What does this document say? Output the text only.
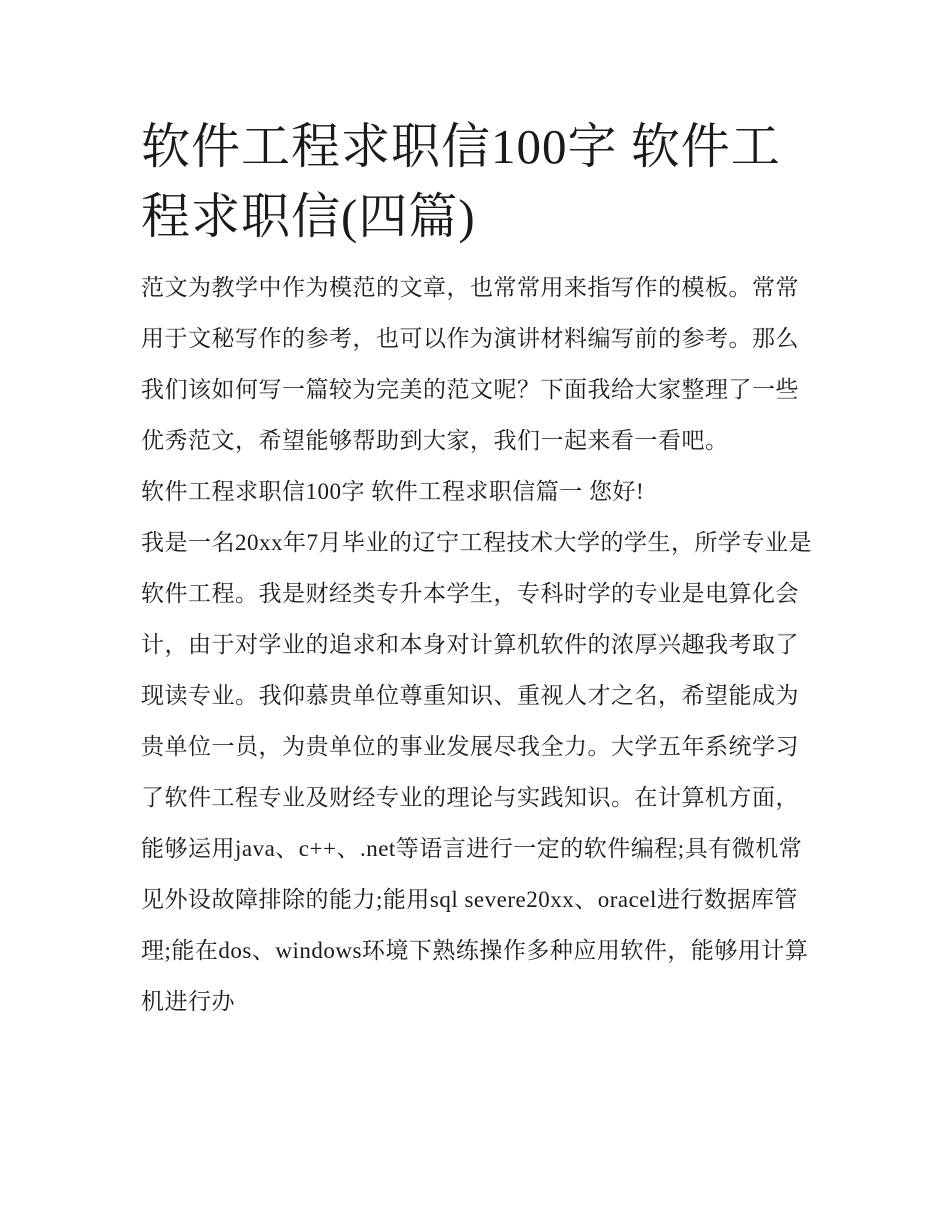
软件工程求职信100字 软件工程求职信(四篇)

范文为教学中作为模范的文章，也常常用来指写作的模板。常常用于文秘写作的参考，也可以作为演讲材料编写前的参考。那么我们该如何写一篇较为完美的范文呢？下面我给大家整理了一些优秀范文，希望能够帮助到大家，我们一起来看一看吧。

软件工程求职信100字 软件工程求职信篇一 您好!

我是一名20xx年7月毕业的辽宁工程技术大学的学生，所学专业是软件工程。我是财经类专升本学生，专科时学的专业是电算化会计，由于对学业的追求和本身对计算机软件的浓厚兴趣我考取了现读专业。我仰慕贵单位尊重知识、重视人才之名，希望能成为贵单位一员，为贵单位的事业发展尽我全力。大学五年系统学习了软件工程专业及财经专业的理论与实践知识。在计算机方面，能够运用java、c++、.net等语言进行一定的软件编程;具有微机常见外设故障排除的能力;能用sql severe20xx、oracel进行数据库管理;能在dos、windows环境下熟练操作多种应用软件，能够用计算机进行办
